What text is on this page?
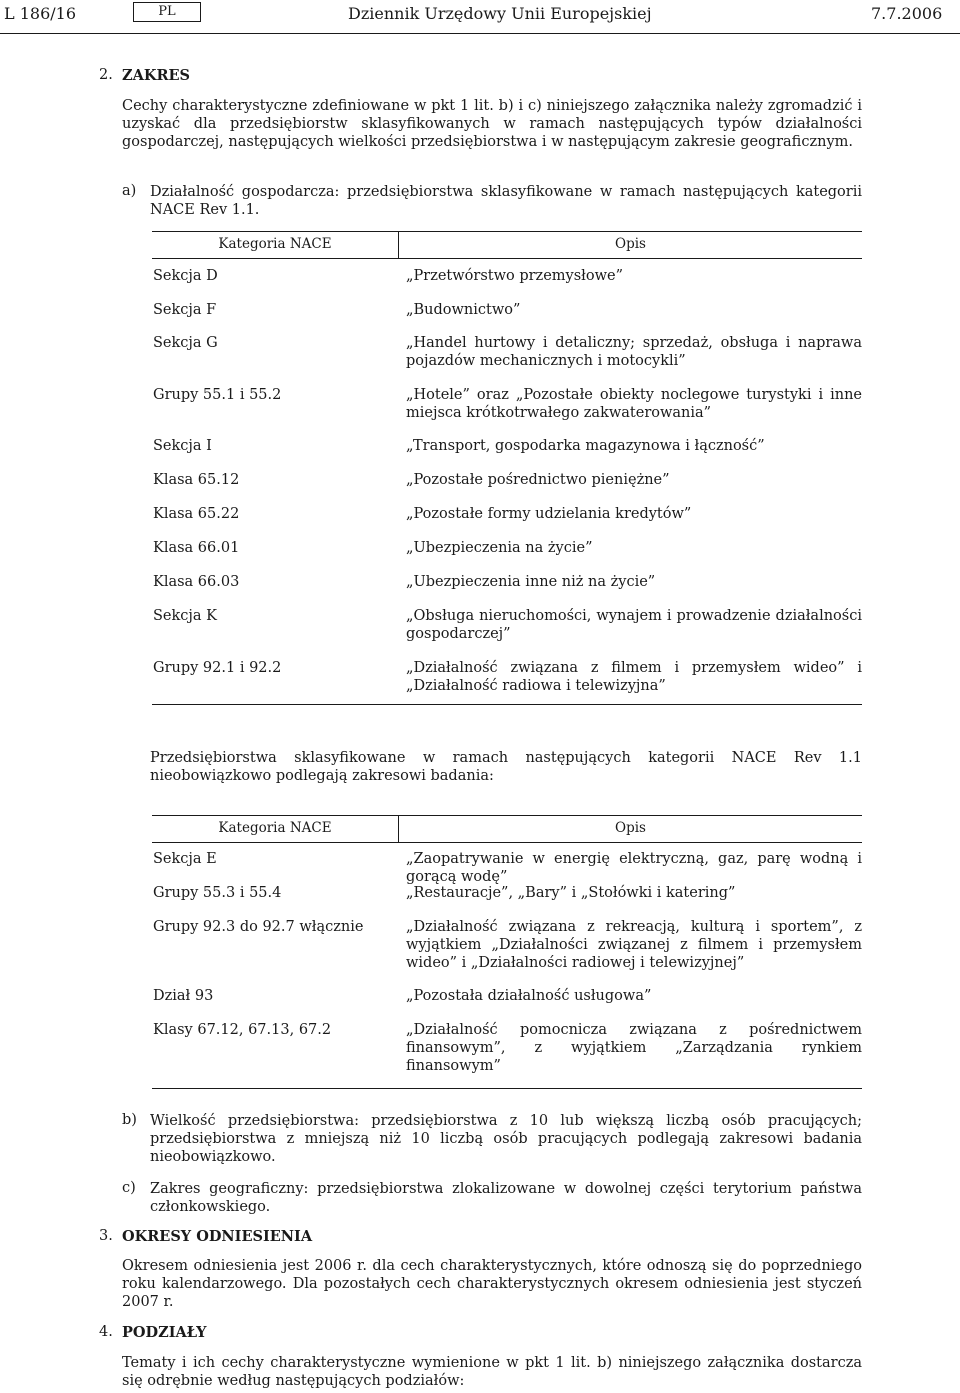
L 186/16	PL	Dziennik Urzędowy Unii Europejskiej	7.7.2006
2. ZAKRES
Cechy charakterystyczne zdefiniowane w pkt 1 lit. b) i c) niniejszego załącznika należy zgromadzić i uzyskać dla przedsiębiorstw sklasyfikowanych w ramach następujących typów działalności gospodarczej, następujących wielkości przedsiębiorstwa i w następującym zakresie geograficznym.
a) Działalność gospodarcza: przedsiębiorstwa sklasyfikowane w ramach następujących kategorii NACE Rev 1.1.
Kategoria NACE	Opis
Sekcja D	„Przetwórstwo przemysłowe”
Sekcja F	„Budownictwo”
Sekcja G	„Handel hurtowy i detaliczny; sprzedaż, obsługa i naprawa pojazdów mechanicznych i motocykli”
Grupy 55.1 i 55.2	„Hotele” oraz „Pozostałe obiekty noclegowe turystyki i inne miejsca krótkotrwałego zakwaterowania”
Sekcja I	„Transport, gospodarka magazynowa i łączność”
Klasa 65.12	„Pozostałe pośrednictwo pieniężne”
Klasa 65.22	„Pozostałe formy udzielania kredytów”
Klasa 66.01	„Ubezpieczenia na życie”
Klasa 66.03	„Ubezpieczenia inne niż na życie”
Sekcja K	„Obsługa nieruchomości, wynajem i prowadzenie działalności gospodarczej”
Grupy 92.1 i 92.2	„Działalność związana z filmem i przemysłem wideo” i „Działalność radiowa i telewizyjna”
Przedsiębiorstwa sklasyfikowane w ramach następujących kategorii NACE Rev 1.1 nieobowiązkowo podlegają zakresowi badania:
Kategoria NACE	Opis
Sekcja E	„Zaopatrywanie w energię elektryczną, gaz, parę wodną i gorącą wodę”
Grupy 55.3 i 55.4	„Restauracje”, „Bary” i „Stołówki i katering”
Grupy 92.3 do 92.7 włącznie	„Działalność związana z rekreacją, kulturą i sportem”, z wyjątkiem „Działalności związanej z filmem i przemysłem wideo” i „Działalności radiowej i telewizyjnej”
Dział 93	„Pozostała działalność usługowa”
Klasy 67.12, 67.13, 67.2	„Działalność pomocnicza związana z pośrednictwem finansowym”, z wyjątkiem „Zarządzania rynkiem finansowym”
b) Wielkość przedsiębiorstwa: przedsiębiorstwa z 10 lub większą liczbą osób pracujących; przedsiębiorstwa z mniejszą niż 10 liczbą osób pracujących podlegają zakresowi badania nieobowiązkowo.
c) Zakres geograficzny: przedsiębiorstwa zlokalizowane w dowolnej części terytorium państwa członkowskiego.
3. OKRESY ODNIESIENIA
Okresem odniesienia jest 2006 r. dla cech charakterystycznych, które odnoszą się do poprzedniego roku kalendarzowego. Dla pozostałych cech charakterystycznych okresem odniesienia jest styczeń 2007 r.
4. PODZIAŁY
Tematy i ich cechy charakterystyczne wymienione w pkt 1 lit. b) niniejszego załącznika dostarcza się odrębnie według następujących podziałów:
